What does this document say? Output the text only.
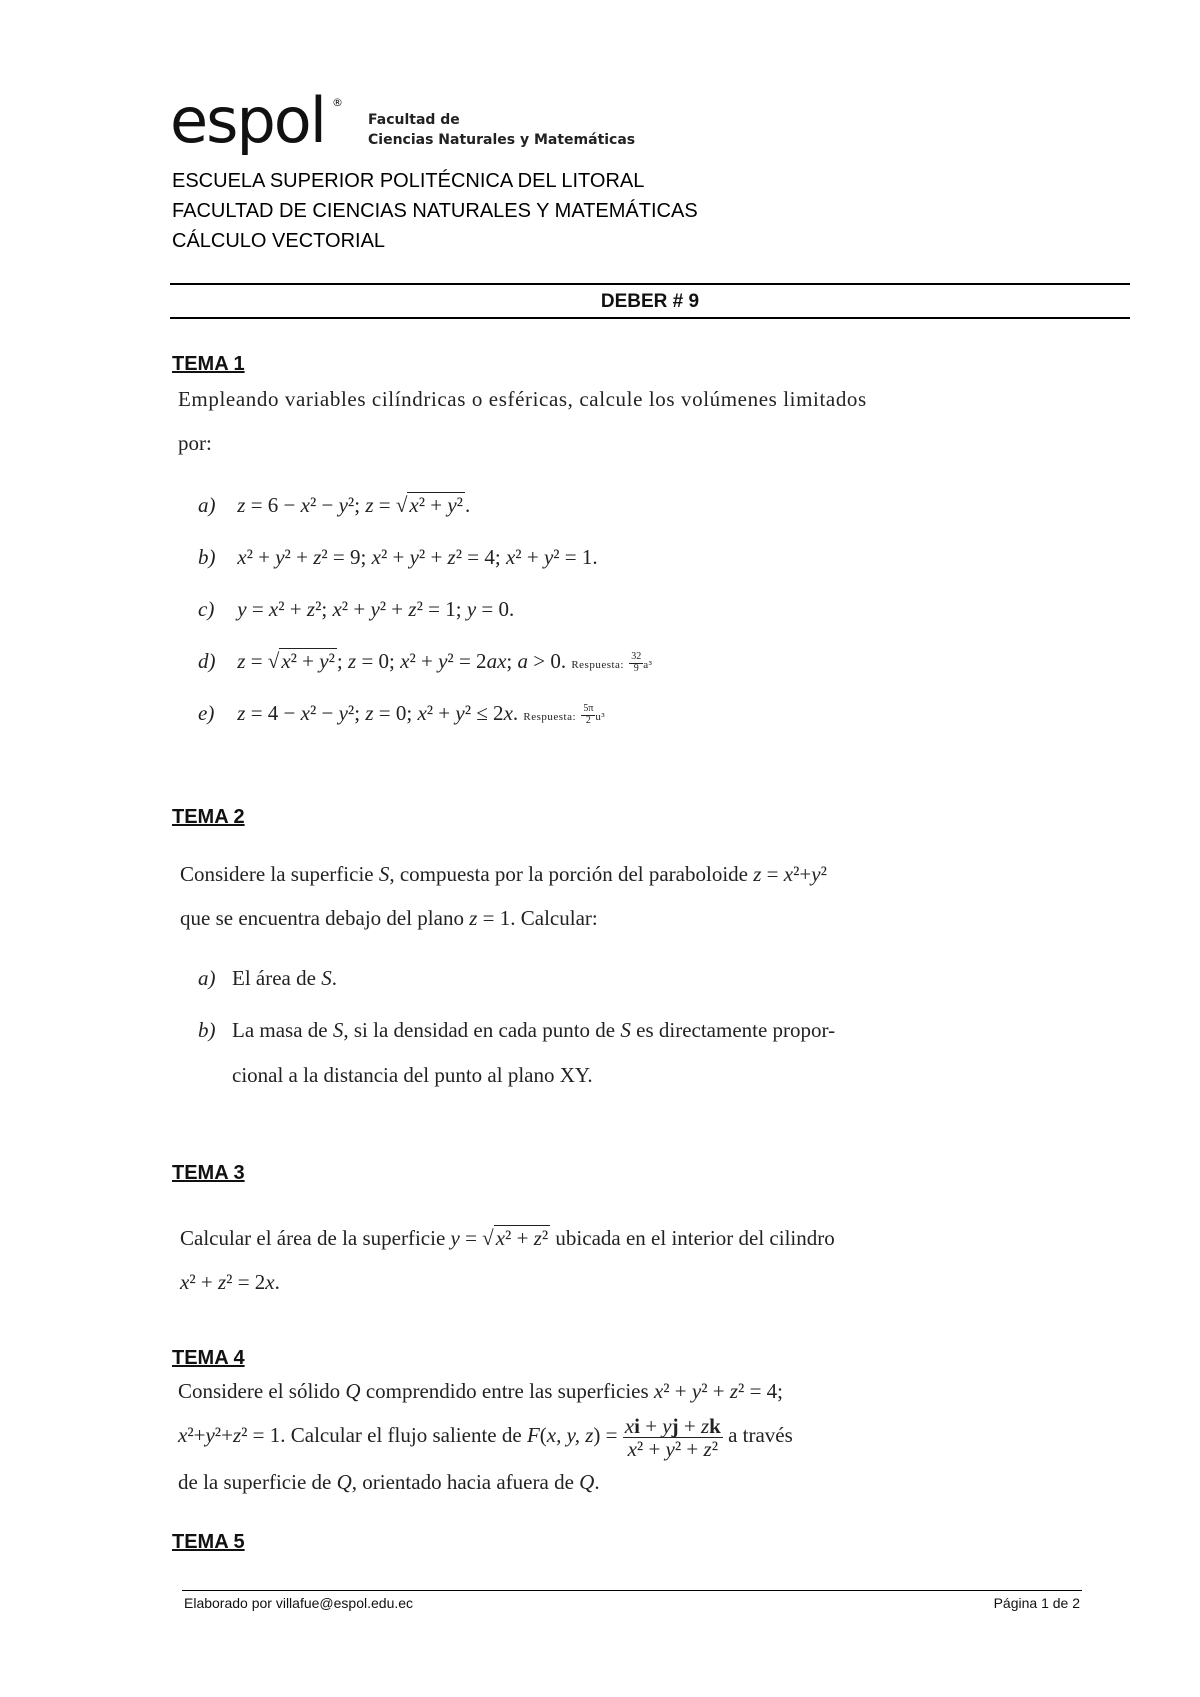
espol ®
Facultad de
Ciencias Naturales y Matemáticas
ESCUELA SUPERIOR POLITÉCNICA DEL LITORAL
FACULTAD DE CIENCIAS NATURALES Y MATEMÁTICAS
CÁLCULO VECTORIAL
DEBER # 9
TEMA 1
Empleando variables cilíndricas o esféricas, calcule los volúmenes limitados
por:
a) z = 6 − x² − y²; z = √x² + y².
b) x² + y² + z² = 9; x² + y² + z² = 4; x² + y² = 1.
c) y = x² + z²; x² + y² + z² = 1; y = 0.
d) z = √x² + y²; z = 0; x² + y² = 2ax; a > 0. Respuesta: $\frac{32}{9} a^3$
e) z = 4 − x² − y²; z = 0; x² + y² ≤ 2x. Respuesta: $\frac{5\pi}{2} u^3$
TEMA 2
Considere la superficie S, compuesta por la porción del paraboloide z = x²+y²
que se encuentra debajo del plano z = 1. Calcular:
a) El área de S.
b) La masa de S, si la densidad en cada punto de S es directamente propor-
cional a la distancia del punto al plano XY.
TEMA 3
Calcular el área de la superficie y = √x² + z² ubicada en el interior del cilindro
x² + z² = 2x.
TEMA 4
Considere el sólido Q comprendido entre las superficies x² + y² + z² = 4;
x²+y²+z² = 1. Calcular el flujo saliente de F(x, y, $z) = \frac{xi + yj + zk}{\text{x² + y² + z²}}$ a través
de la superficie de Q, orientado hacia afuera de Q.
TEMA 5
Elaborado por villafue@espol.edu.ec	Página 1 de 2
